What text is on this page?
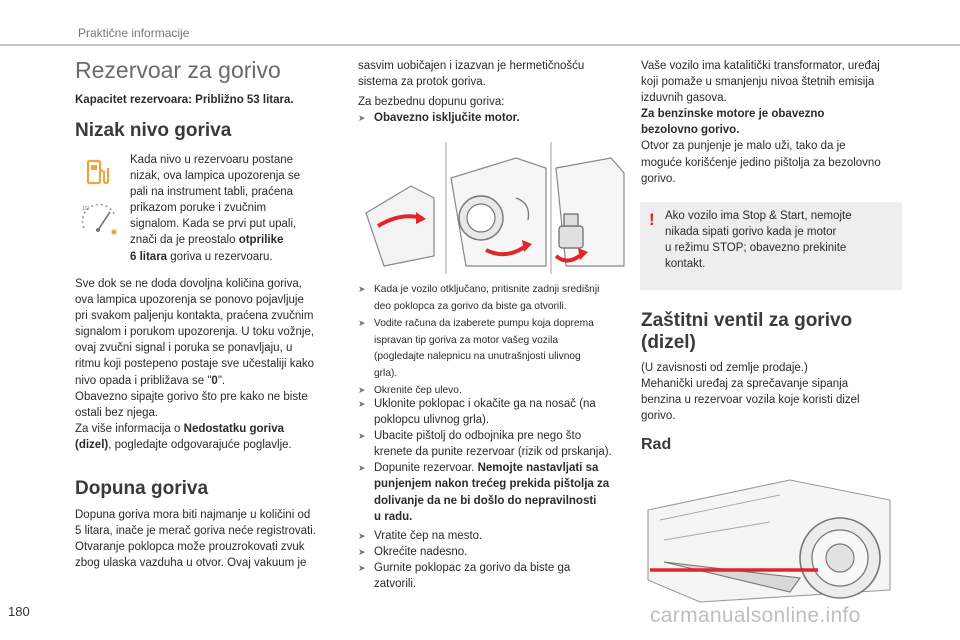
Praktične informacije
180	carmanualsonline.info
Rezervoar za gorivo
Kapacitet rezervoara: Približno 53 litara.
Nizak nivo goriva
1/2
Kada nivo u rezervoaru postane
nizak, ova lampica upozorenja se
pali na instrument tabli, praćena
prikazom poruke i zvučnim
signalom. Kada se prvi put upali,
znači da je preostalo otprilike
6 litara goriva u rezervoaru.
Sve dok se ne doda dovoljna količina goriva,
ova lampica upozorenja se ponovo pojavljuje
pri svakom paljenju kontakta, praćena zvučnim
signalom i porukom upozorenja. U toku vožnje,
ovaj zvučni signal i poruka se ponavljaju, u
ritmu koji postepeno postaje sve učestaliji kako
nivo opada i približava se "0".
Obavezno sipajte gorivo što pre kako ne biste
ostali bez njega.
Za više informacija o Nedostatku goriva
(dizel), pogledajte odgovarajuće poglavlje.
Dopuna goriva
Dopuna goriva mora biti najmanje u količini od
5 litara, inače je merač goriva neće registrovati.
Otvaranje poklopca može prouzrokovati zvuk
zbog ulaska vazduha u otvor. Ovaj vakuum je
sasvim uobičajen i izazvan je hermetičnošću
sistema za protok goriva.
Za bezbednu dopunu goriva:
➤ Obavezno isključite motor.
➤ Kada je vozilo otključano, pritisnite zadnji središnji
deo poklopca za gorivo da biste ga otvorili.
➤ Vodite računa da izaberete pumpu koja doprema
ispravan tip goriva za motor vašeg vozila
(pogledajte nalepnicu na unutrašnjosti ulivnog
grla).
➤ Okrenite čep ulevo.
➤ Uklonite poklopac i okačite ga na nosač (na
poklopcu ulivnog grla).
➤ Ubacite pištolj do odbojnika pre nego što
krenete da punite rezervoar (rizik od prskanja).
➤ Dopunite rezervoar. Nemojte nastavljati sa
punjenjem nakon trećeg prekida pištolja za
dolivanje da ne bi došlo do nepravilnosti
u radu.
➤ Vratite čep na mesto.
➤ Okrećite nadesno.
➤ Gurnite poklopac za gorivo da biste ga
zatvorili.
Vaše vozilo ima katalitički transformator, uređaj
koji pomaže u smanjenju nivoa štetnih emisija
izduvnih gasova.
Za benzinske motore je obavezno
bezolovno gorivo.
Otvor za punjenje je malo uži, tako da je
moguće korišćenje jedino pištolja za bezolovno
gorivo.
! Ako vozilo ima Stop & Start, nemojte
nikada sipati gorivo kada je motor
u režimu STOP; obavezno prekinite
kontakt.
Zaštitni ventil za gorivo
(dizel)
(U zavisnosti od zemlje prodaje.)
Mehanički uređaj za sprečavanje sipanja
benzina u rezervoar vozila koje koristi dizel
gorivo.
Rad
